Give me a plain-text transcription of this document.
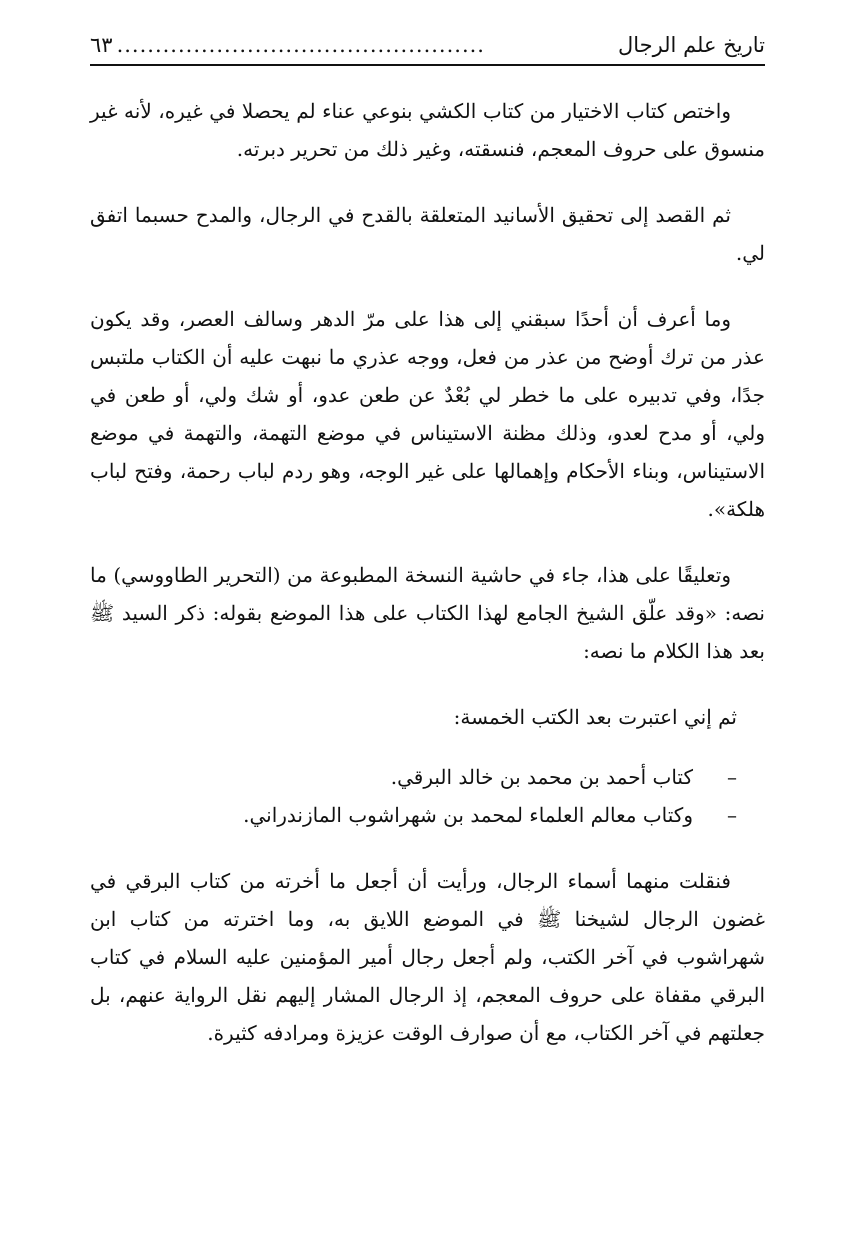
تاريخ علم الرجال
................................................
٦٣

واختص كتاب الاختيار من كتاب الكشي بنوعي عناء لم يحصلا في غيره، لأنه غير منسوق على حروف المعجم، فنسقته، وغير ذلك من تحرير دبرته.

ثم القصد إلى تحقيق الأسانيد المتعلقة بالقدح في الرجال، والمدح حسبما اتفق لي.

وما أعرف أن أحدًا سبقني إلى هذا على مرّ الدهر وسالف العصر، وقد يكون عذر من ترك أوضح من عذر من فعل، ووجه عذري ما نبهت عليه أن الكتاب ملتبس جدًا، وفي تدبيره على ما خطر لي بُعْدٌ عن طعن عدو، أو شك ولي، أو طعن في ولي، أو مدح لعدو، وذلك مظنة الاستيناس في موضع التهمة، والتهمة في موضع الاستيناس، وبناء الأحكام وإهمالها على غير الوجه، وهو ردم لباب رحمة، وفتح لباب هلكة».

وتعليقًا على هذا، جاء في حاشية النسخة المطبوعة من (التحرير الطاووسي) ما نصه: «وقد علّق الشيخ الجامع لهذا الكتاب على هذا الموضع بقوله: ذكر السيد ﷺ بعد هذا الكلام ما نصه:

ثم إني اعتبرت بعد الكتب الخمسة:

–
كتاب أحمد بن محمد بن خالد البرقي.
–
وكتاب معالم العلماء لمحمد بن شهراشوب المازندراني.

فنقلت منهما أسماء الرجال، ورأيت أن أجعل ما أخرته من كتاب البرقي في غضون الرجال لشيخنا ﷺ في الموضع اللايق به، وما اخترته من كتاب ابن شهراشوب في آخر الكتب، ولم أجعل رجال أمير المؤمنين عليه السلام في كتاب البرقي مقفاة على حروف المعجم، إذ الرجال المشار إليهم نقل الرواية عنهم، بل جعلتهم في آخر الكتاب، مع أن صوارف الوقت عزيزة ومرادفه كثيرة.
